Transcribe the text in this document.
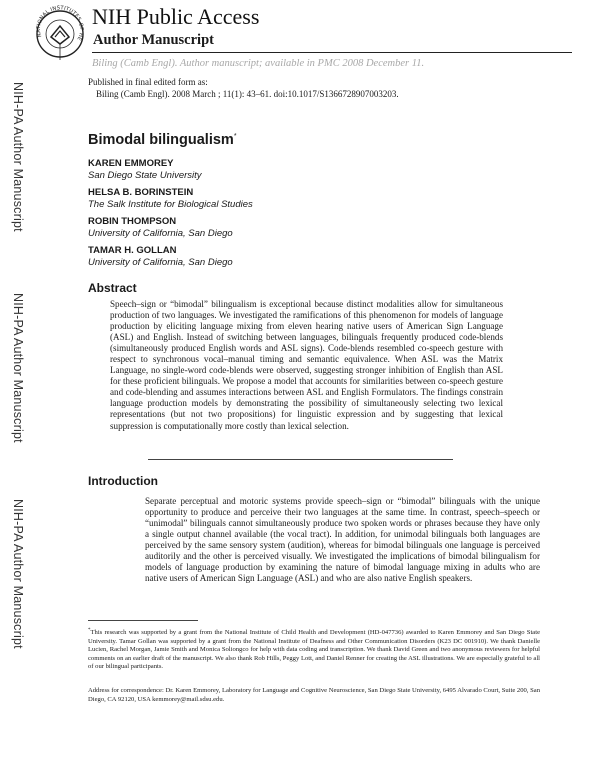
NATIONAL INSTITUTES OF HE
NIH Public Access
Author Manuscript
Biling (Camb Engl). Author manuscript; available in PMC 2008 December 11.
Published in final edited form as:
Biling (Camb Engl). 2008 March ; 11(1): 43–61. doi:10.1017/S1366728907003203.
NIH-PA Author Manuscript
NIH-PA Author Manuscript
NIH-PA Author Manuscript
Bimodal bilingualism*
KAREN EMMOREY
San Diego State University
HELSA B. BORINSTEIN
The Salk Institute for Biological Studies
ROBIN THOMPSON
University of California, San Diego
TAMAR H. GOLLAN
University of California, San Diego
Abstract
Speech–sign or “bimodal” bilingualism is exceptional because distinct modalities allow for simultaneous production of two languages. We investigated the ramifications of this phenomenon for models of language production by eliciting language mixing from eleven hearing native users of American Sign Language (ASL) and English. Instead of switching between languages, bilinguals frequently produced code-blends (simultaneously produced English words and ASL signs). Code-blends resembled co-speech gesture with respect to synchronous vocal–manual timing and semantic equivalence. When ASL was the Matrix Language, no single-word code-blends were observed, suggesting stronger inhibition of English than ASL for these proficient bilinguals. We propose a model that accounts for similarities between co-speech gesture and code-blending and assumes interactions between ASL and English Formulators. The findings constrain language production models by demonstrating the possibility of simultaneously selecting two lexical representations (but not two propositions) for linguistic expression and by suggesting that lexical suppression is computationally more costly than lexical selection.
Introduction
Separate perceptual and motoric systems provide speech–sign or “bimodal” bilinguals with the unique opportunity to produce and perceive their two languages at the same time. In contrast, speech–speech or “unimodal” bilinguals cannot simultaneously produce two spoken words or phrases because they have only a single output channel available (the vocal tract). In addition, for unimodal bilinguals both languages are perceived by the same sensory system (audition), whereas for bimodal bilinguals one language is perceived auditorily and the other is perceived visually. We investigated the implications of bimodal bilingualism for models of language production by examining the nature of bimodal language mixing in adults who are native users of American Sign Language (ASL) and who are also native English speakers.
*This research was supported by a grant from the National Institute of Child Health and Development (HD-047736) awarded to Karen Emmorey and San Diego State University. Tamar Gollan was supported by a grant from the National Institute of Deafness and Other Communication Disorders (K23 DC 001910). We thank Danielle Lucien, Rachel Morgan, Jamie Smith and Monica Soliongco for help with data coding and transcription. We thank David Green and two anonymous reviewers for helpful comments on an earlier draft of the manuscript. We also thank Rob Hills, Peggy Lott, and Daniel Renner for creating the ASL illustrations. We are especially grateful to all of our bilingual participants.
Address for correspondence: Dr. Karen Emmorey, Laboratory for Language and Cognitive Neuroscience, San Diego State University, 6495 Alvarado Court, Suite 200, San Diego, CA 92120, USA kemmorey@mail.sdsu.edu.
